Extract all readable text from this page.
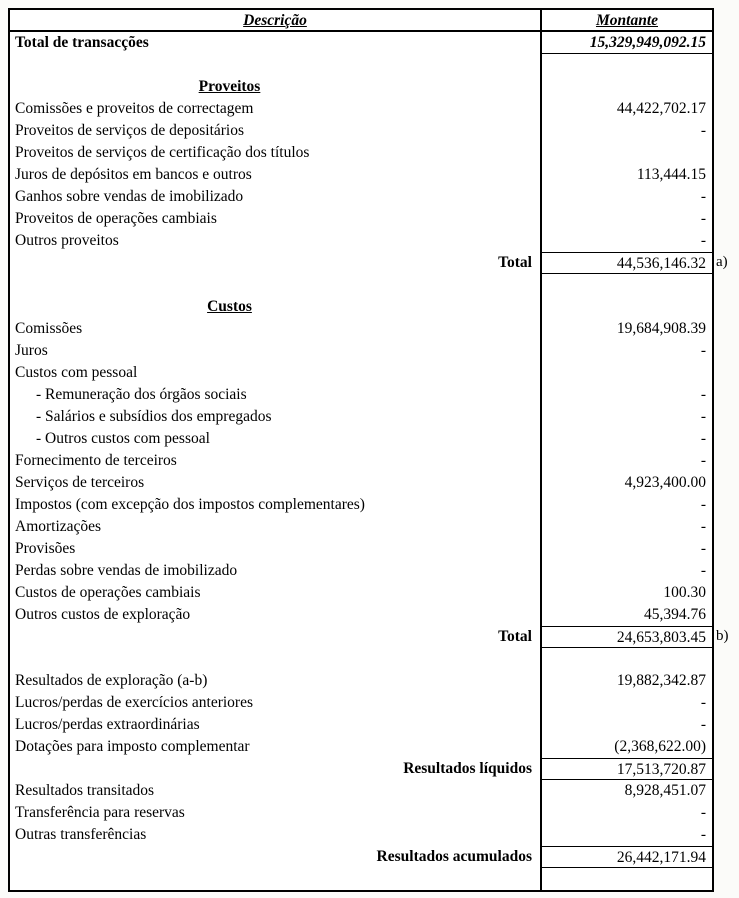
Descrição	Montante
Total de transacções	15,329,949,092.15
Proveitos
Comissões e proveitos de correctagem	44,422,702.17
Proveitos de serviços de depositários	-
Proveitos de serviços de certificação dos títulos
Juros de depósitos em bancos e outros	113,444.15
Ganhos sobre vendas de imobilizado	-
Proveitos de operações cambiais	-
Outros proveitos	-
Total	44,536,146.32 a)
Custos
Comissões	19,684,908.39
Juros	-
Custos com pessoal
- Remuneração dos órgãos sociais	-
- Salários e subsídios dos empregados	-
- Outros custos com pessoal	-
Fornecimento de terceiros	-
Serviços de terceiros	4,923,400.00
Impostos (com excepção dos impostos complementares)	-
Amortizações	-
Provisões	-
Perdas sobre vendas de imobilizado	-
Custos de operações cambiais	100.30
Outros custos de exploração	45,394.76
Total	24,653,803.45 b)
Resultados de exploração (a-b)	19,882,342.87
Lucros/perdas de exercícios anteriores	-
Lucros/perdas extraordinárias	-
Dotações para imposto complementar	(2,368,622.00)
Resultados líquidos	17,513,720.87
Resultados transitados	8,928,451.07
Transferência para reservas	-
Outras transferências	-
Resultados acumulados	26,442,171.94
